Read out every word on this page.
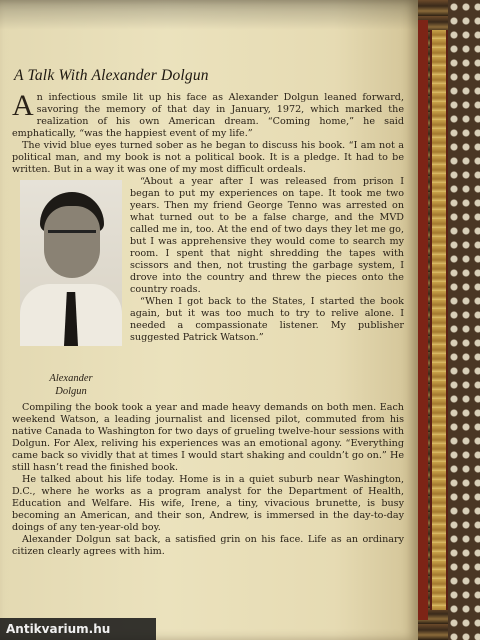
A Talk With Alexander Dolgun

An infectious smile lit up his face as Alexander Dolgun leaned forward, savoring the memory of that day in January, 1972, which marked the realization of his own American dream. “Coming home,” he said emphatically, “was the happiest event of my life.”

The vivid blue eyes turned sober as he began to discuss his book. “I am not a political man, and my book is not a political book. It is a pledge. It had to be written. But in a way it was one of my most difficult ordeals.

Alexander
Dolgun

“About a year after I was released from prison I began to put my experiences on tape. It took me two years. Then my friend George Tenno was arrested on what turned out to be a false charge, and the MVD called me in, too. At the end of two days they let me go, but I was apprehensive they would come to search my room. I spent that night shredding the tapes with scissors and then, not trusting the garbage system, I drove into the country and threw the pieces onto the country roads.

“When I got back to the States, I started the book again, but it was too much to try to relive alone. I needed a compassionate listener. My publisher suggested Patrick Watson.”

Compiling the book took a year and made heavy demands on both men. Each weekend Watson, a leading journalist and licensed pilot, commuted from his native Canada to Washington for two days of grueling twelve-hour sessions with Dolgun. For Alex, reliving his experiences was an emotional agony. “Everything came back so vividly that at times I would start shaking and couldn’t go on.” He still hasn’t read the finished book.

He talked about his life today. Home is in a quiet suburb near Washington, D.C., where he works as a program analyst for the Department of Health, Education and Welfare. His wife, Irene, a tiny, vivacious brunette, is busy becoming an American, and their son, Andrew, is immersed in the day-to-day doings of any ten-year-old boy.

Alexander Dolgun sat back, a satisfied grin on his face. Life as an ordinary citizen clearly agrees with him.

Antikvarium.hu
